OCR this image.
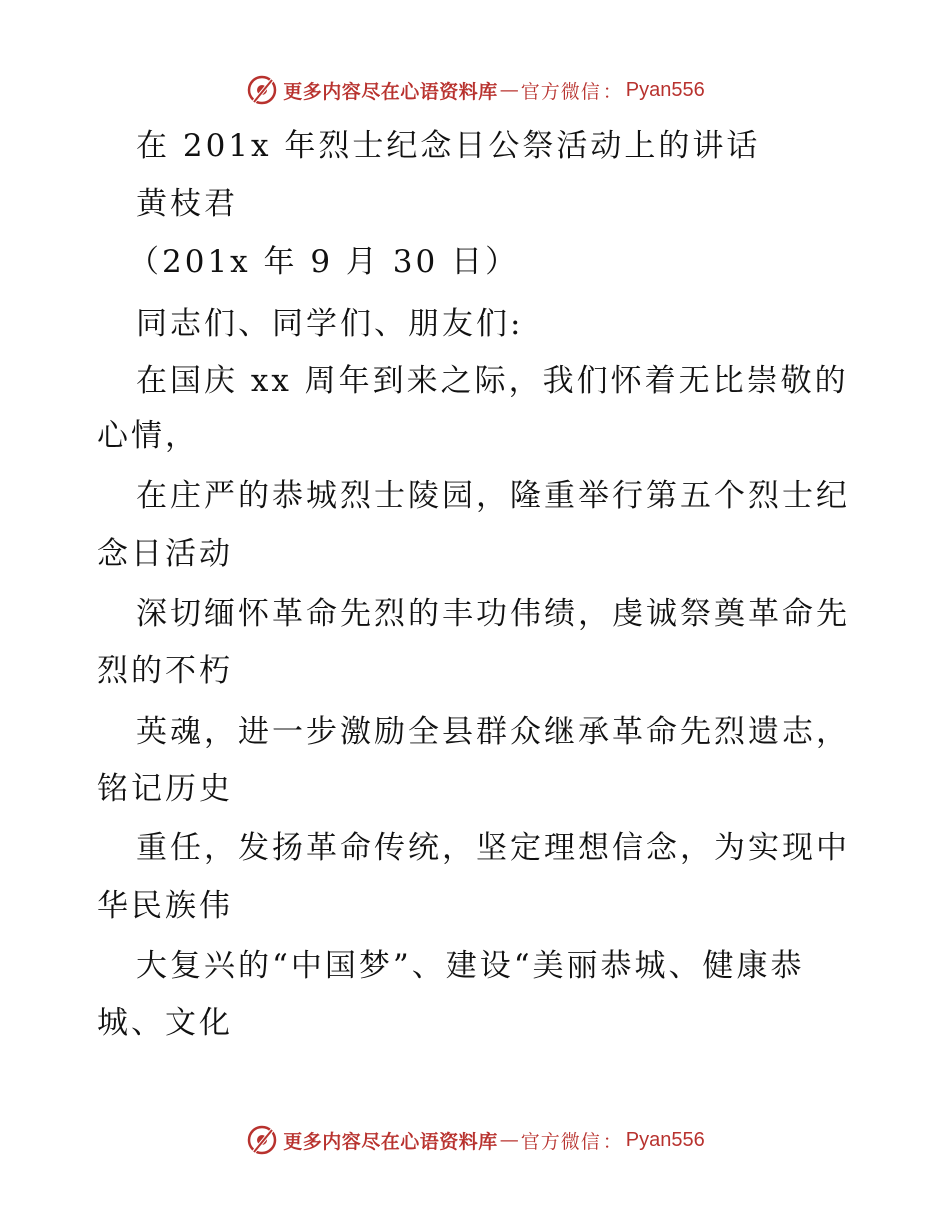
更多内容尽在心语资料库 — 官方微信 ： Pyan556
在 201x 年烈士纪念日公祭活动上的讲话
黄枝君
（201x 年 9 月 30 日）
同志们、同学们、朋友们:
在国庆 xx 周年到来之际，我们怀着无比崇敬的
心情，
在庄严的恭城烈士陵园，隆重举行第五个烈士纪
念日活动
深切缅怀革命先烈的丰功伟绩，虔诚祭奠革命先
烈的不朽
英魂，进一步激励全县群众继承革命先烈遗志，
铭记历史
重任，发扬革命传统，坚定理想信念，为实现中
华民族伟
大复兴的“中国梦”、建设“美丽恭城、健康恭
城、文化
更多内容尽在心语资料库 — 官方微信 ： Pyan556
